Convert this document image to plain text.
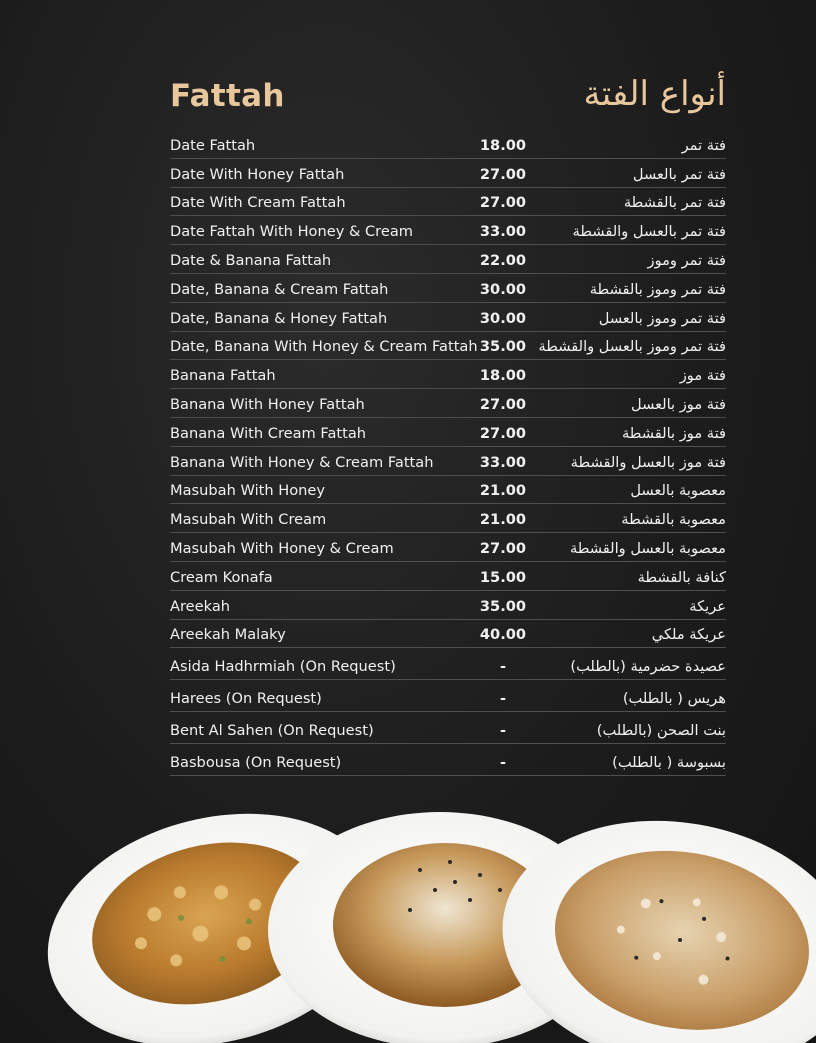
Fattah	أنواع الفتة
Date Fattah	18.00	فتة تمر
Date With Honey Fattah	27.00	فتة تمر بالعسل
Date With Cream Fattah	27.00	فتة تمر بالقشطة
Date Fattah With Honey & Cream	33.00	فتة تمر بالعسل والقشطة
Date & Banana Fattah	22.00	فتة تمر وموز
Date, Banana & Cream Fattah	30.00	فتة تمر وموز بالقشطة
Date, Banana & Honey Fattah	30.00	فتة تمر وموز بالعسل
Date, Banana With Honey & Cream Fattah 35.00 فتة تمر وموز بالعسل والقشطة
Banana Fattah	18.00	فتة موز
Banana With Honey Fattah	27.00	فتة موز بالعسل
Banana With Cream Fattah	27.00	فتة موز بالقشطة
Banana With Honey & Cream Fattah	33.00	فتة موز بالعسل والقشطة
Masubah With Honey	21.00	معصوبة بالعسل
Masubah With Cream	21.00	معصوبة بالقشطة
Masubah With Honey & Cream	27.00	معصوبة بالعسل والقشطة
Cream Konafa	15.00	كنافة بالقشطة
Areekah	35.00	عريكة
Areekah Malaky	40.00	عريكة ملكي
Asida Hadhrmiah (On Request)	-	عصيدة حضرمية (بالطلب)
Harees (On Request)	-	هريس ( بالطلب)
Bent Al Sahen (On Request)	-	بنت الصحن (بالطلب)
Basbousa (On Request)	-	بسبوسة ( بالطلب)
